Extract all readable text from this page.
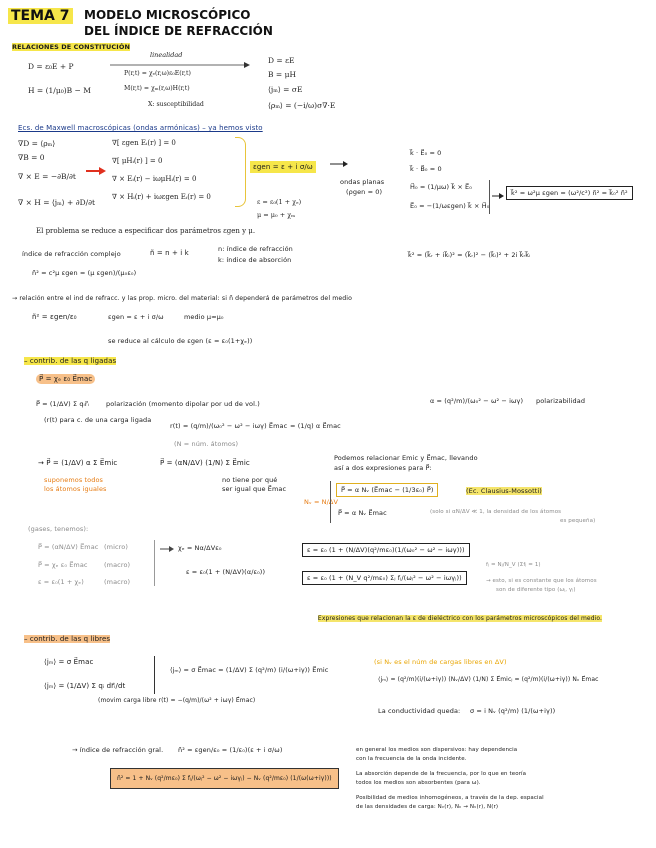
TEMA 7 MODELO MICROSCÓPICO
DEL ÍNDICE DE REFRACCIÓN
RELACIONES DE CONSTITUCIÓN
D = ε₀E + P
H = (1/μ₀)B − M
linealidad
P(r,t) = χₑ(r,ω)ε₀E(r,t)
M(r,t) = χₘ(r,ω)H(r,t)
X: susceptibilidad
D = εE
B = μH
⟨jₘ⟩ = σE
⟨ρₘ⟩ = (−i/ω)σ∇·E
Ecs. de Maxwell macroscópicas (ondas armónicas) – ya hemos visto
∇D = ⟨ρₘ⟩
∇B = 0
∇ × E = −∂B/∂t
∇ × H = ⟨jₘ⟩ + ∂D/∂t
∇[ εgen Eᵢ(r) ] = 0
∇[ μHᵢ(r) ] = 0
∇ × Eᵢ(r) − iωμHᵢ(r) = 0
∇ × Hᵢ(r) + iωεgen Eᵢ(r) = 0
εgen = ε + i σ/ω
ε = ε₀(1 + χₑ)
μ = μ₀ + χₘ
ondas planas
(ρgen = 0)
k⃗ · E⃗₀ = 0
k⃗ · B⃗₀ = 0
H⃗₀ = (1/μω) k⃗ × E⃗₀
E⃗₀ = −(1/ωεgen) k⃗ × H⃗₀
k⃗² = ω²μ εgen = (ω²/c²) ñ² = k⃗₀² ñ²
El problema se reduce a especificar dos parámetros εgen y μ.
índice de refracción complejo	ñ = n + i k	n: índice de refracción
k: índice de absorción
k⃗² = (k⃗ᵣ + ik⃗ᵢ)² = (k⃗ᵣ)² − (k⃗ᵢ)² + 2i k⃗ᵣk⃗ᵢ
ñ² = c²μ εgen = (μ εgen)/(μ₀ε₀)
→ relación entre el ind de refracc. y las prop. micro. del material: si ñ dependerá de parámetros del medio
ñ² = εgen/ε₀	εgen = ε + i σ/ω	medio μ≈μ₀
se reduce al cálculo de εgen (ε = ε₀(1+χₑ))
– contrib. de las q ligadas
P⃗ = χₑ ε₀ E⃗mac
P⃗ = (1/ΔV) Σ qᵢr⃗ᵢ	polarización (momento dipolar por ud de vol.)
(r(t) para c. de una carga ligada
r(t) = (q/m)/(ω₀² − ω² − iωγ) E⃗mac = (1/q) α E⃗mac
α = (q²/m)/(ω₀² − ω² − iωγ) polarizabilidad
(N = núm. átomos)
→ P⃗ = (1/ΔV) α Σ E⃗mic
suponemos todos
los átomos iguales
P⃗ = (αN/ΔV) (1/N) Σ E⃗mic
no tiene por qué
ser igual que E⃗mac
Podemos relacionar Emic y E⃗mac, llevando
así a dos expresiones para P⃗:
Nᵥ = N/ΔV
P⃗ = α Nᵥ (E⃗mac − (1/3ε₀) P⃗)	(Ec. Clausius-Mossotti)
P⃗ = α Nᵥ E⃗mac	(solo si αN/ΔV ≪ 1, la densidad de los átomos
es pequeña)
(gases, tenemos):
P⃗ = (αN/ΔV) E⃗mac (micro)
P⃗ = χₑ ε₀ E⃗mac	(macro)
ε = ε₀(1 + χₑ)	(macro)
χₑ = Nα/ΔVε₀
ε = ε₀(1 + (N/ΔV)(α/ε₀))
ε = ε₀ (1 + (N/ΔV)(q²/mε₀)(1/(ω₀² − ω² − iωγ)))
ε = ε₀ (1 + (N_V q²/mε₀) Σⱼ fⱼ/(ωⱼ² − ω² − iωγⱼ))
fⱼ = Nⱼ/N_V (Σfⱼ = 1)
→ esto, si es constante que los átomos
son de diferente tipo (ωⱼ, γⱼ)
Expresiones que relacionan la ε de dieléctrico con los parámetros microscópicos del medio.
– contrib. de las q libres
⟨jₘ⟩ = σ E⃗mac
⟨jₘ⟩ = (1/ΔV) Σ qᵢ dr⃗ᵢ/dt
⟨jₘ⟩ = σ E⃗mac = (1/ΔV) Σ (q²/m) (i/(ω+iγ)) E⃗mic
(movim carga libre r(t) = −(q/m)/(ω² + iωγ) E⃗mac)
(si Nᵥ es el núm de cargas libres en ΔV)
⟨jₘ⟩ = (q²/m)(i/(ω+iγ)) (Nᵥ/ΔV) (1/N) Σ E⃗micⱼ = (q²/m)(i/(ω+iγ)) Nᵥ E⃗mac
La conductividad queda: σ = i Nᵥ (q²/m) (1/(ω+iγ))
→ índice de refracción gral. ñ² = εgen/ε₀ = (1/ε₀)(ε + i σ/ω)
ñ² = 1 + Nᵥ (q²/mε₀) Σ fⱼ/(ωⱼ² − ω² − iωγⱼ) − Nᵥ (q²/mε₀) (1/(ω(ω+iγ)))
en general los medios son dispersivos: hay dependencia
con la frecuencia de la onda incidente.
La absorción depende de la frecuencia, por lo que en teoría
todos los medios son absorbentes (para ω).
Posibilidad de medios inhomogéneos, a través de la dep. espacial
de las densidades de carga: Nᵥ(r), Nᵥ → Nᵥ(r), N(r)
